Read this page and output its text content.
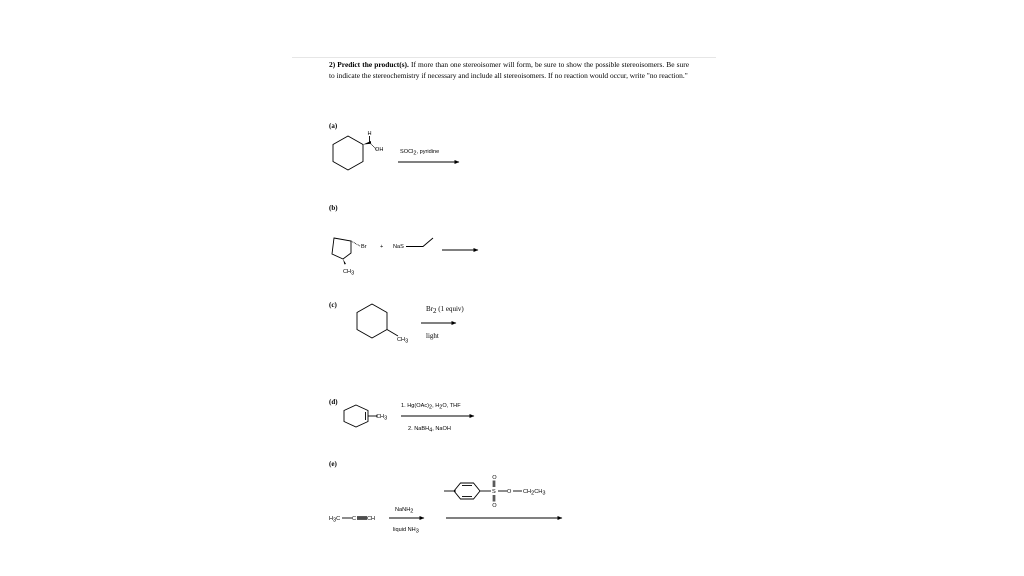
2) Predict the product(s). If more than one stereoisomer will form, be sure to show the possible stereoisomers. Be sure to indicate the stereochemistry if necessary and include all stereoisomers. If no reaction would occur, write "no reaction."
(a)
(b)
(c)
(d)
(e)
H
OH	SOCl2, pyridine
Br + NaS
CH3
CH3
Br2 (1 equiv)
light
CH3
1. Hg(OAc)2, H2O, THF
2. NaBH4, NaOH
H3C C CH
NaNH2
liquid NH3
S
O
O
O CH2CH3
